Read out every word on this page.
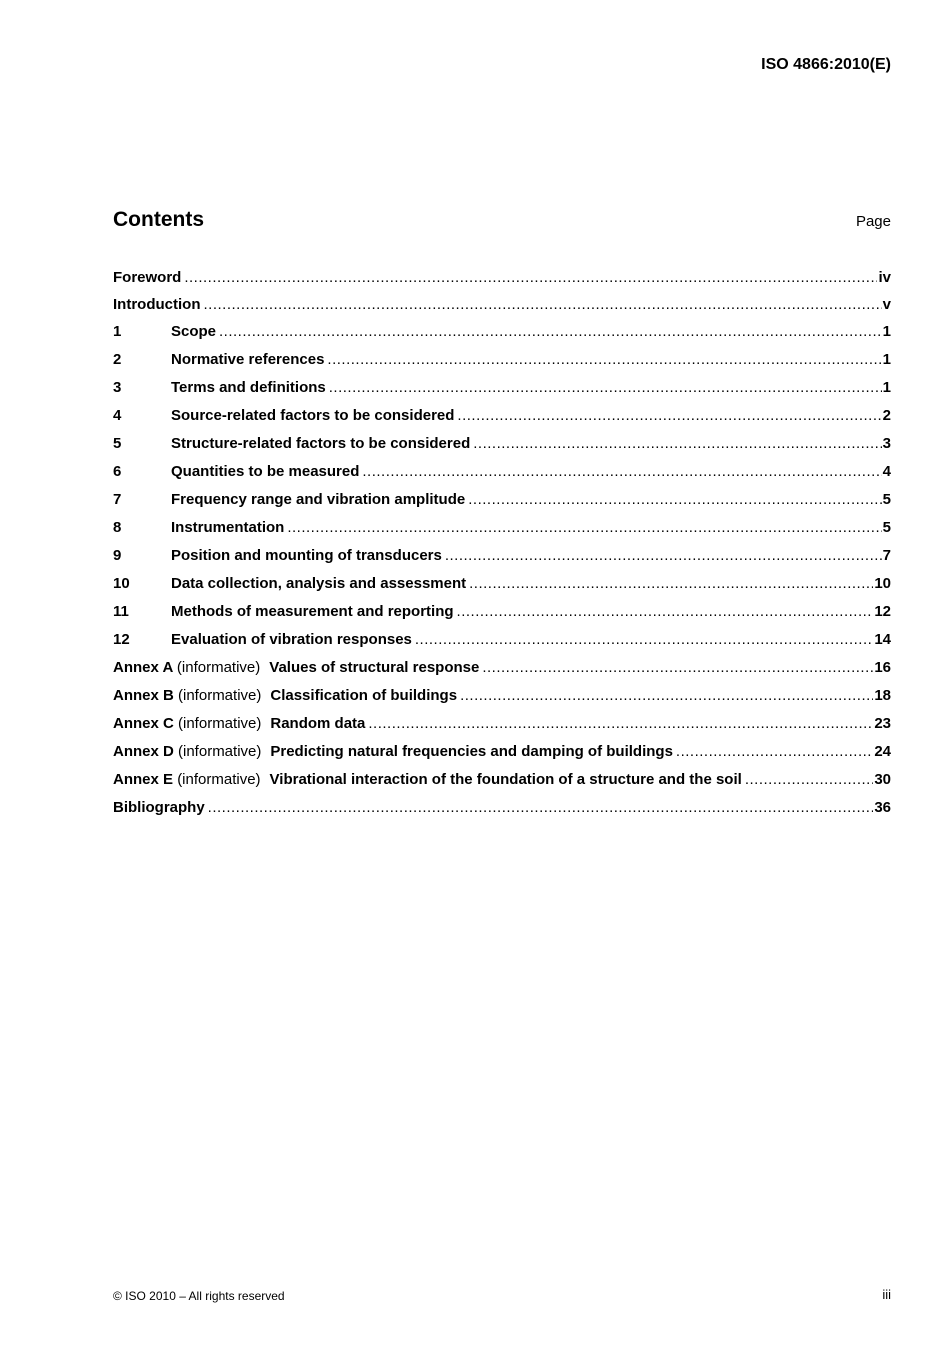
ISO 4866:2010(E)
Contents	Page
Foreword .....	iv
Introduction .....	v
1	Scope .....	1
2	Normative references .....	1
3	Terms and definitions .....	1
4	Source-related factors to be considered .....	2
5	Structure-related factors to be considered .....	3
6	Quantities to be measured .....	4
7	Frequency range and vibration amplitude .....	5
8	Instrumentation .....	5
9	Position and mounting of transducers .....	7
10	Data collection, analysis and assessment .....	10
11	Methods of measurement and reporting .....	12
12	Evaluation of vibration responses .....	14
Annex A (informative) Values of structural response .....	16
Annex B (informative) Classification of buildings .....	18
Annex C (informative) Random data .....	23
Annex D (informative) Predicting natural frequencies and damping of buildings .....	24
Annex E (informative) Vibrational interaction of the foundation of a structure and the soil .....	30
Bibliography .....	36
© ISO 2010 – All rights reserved	iii
